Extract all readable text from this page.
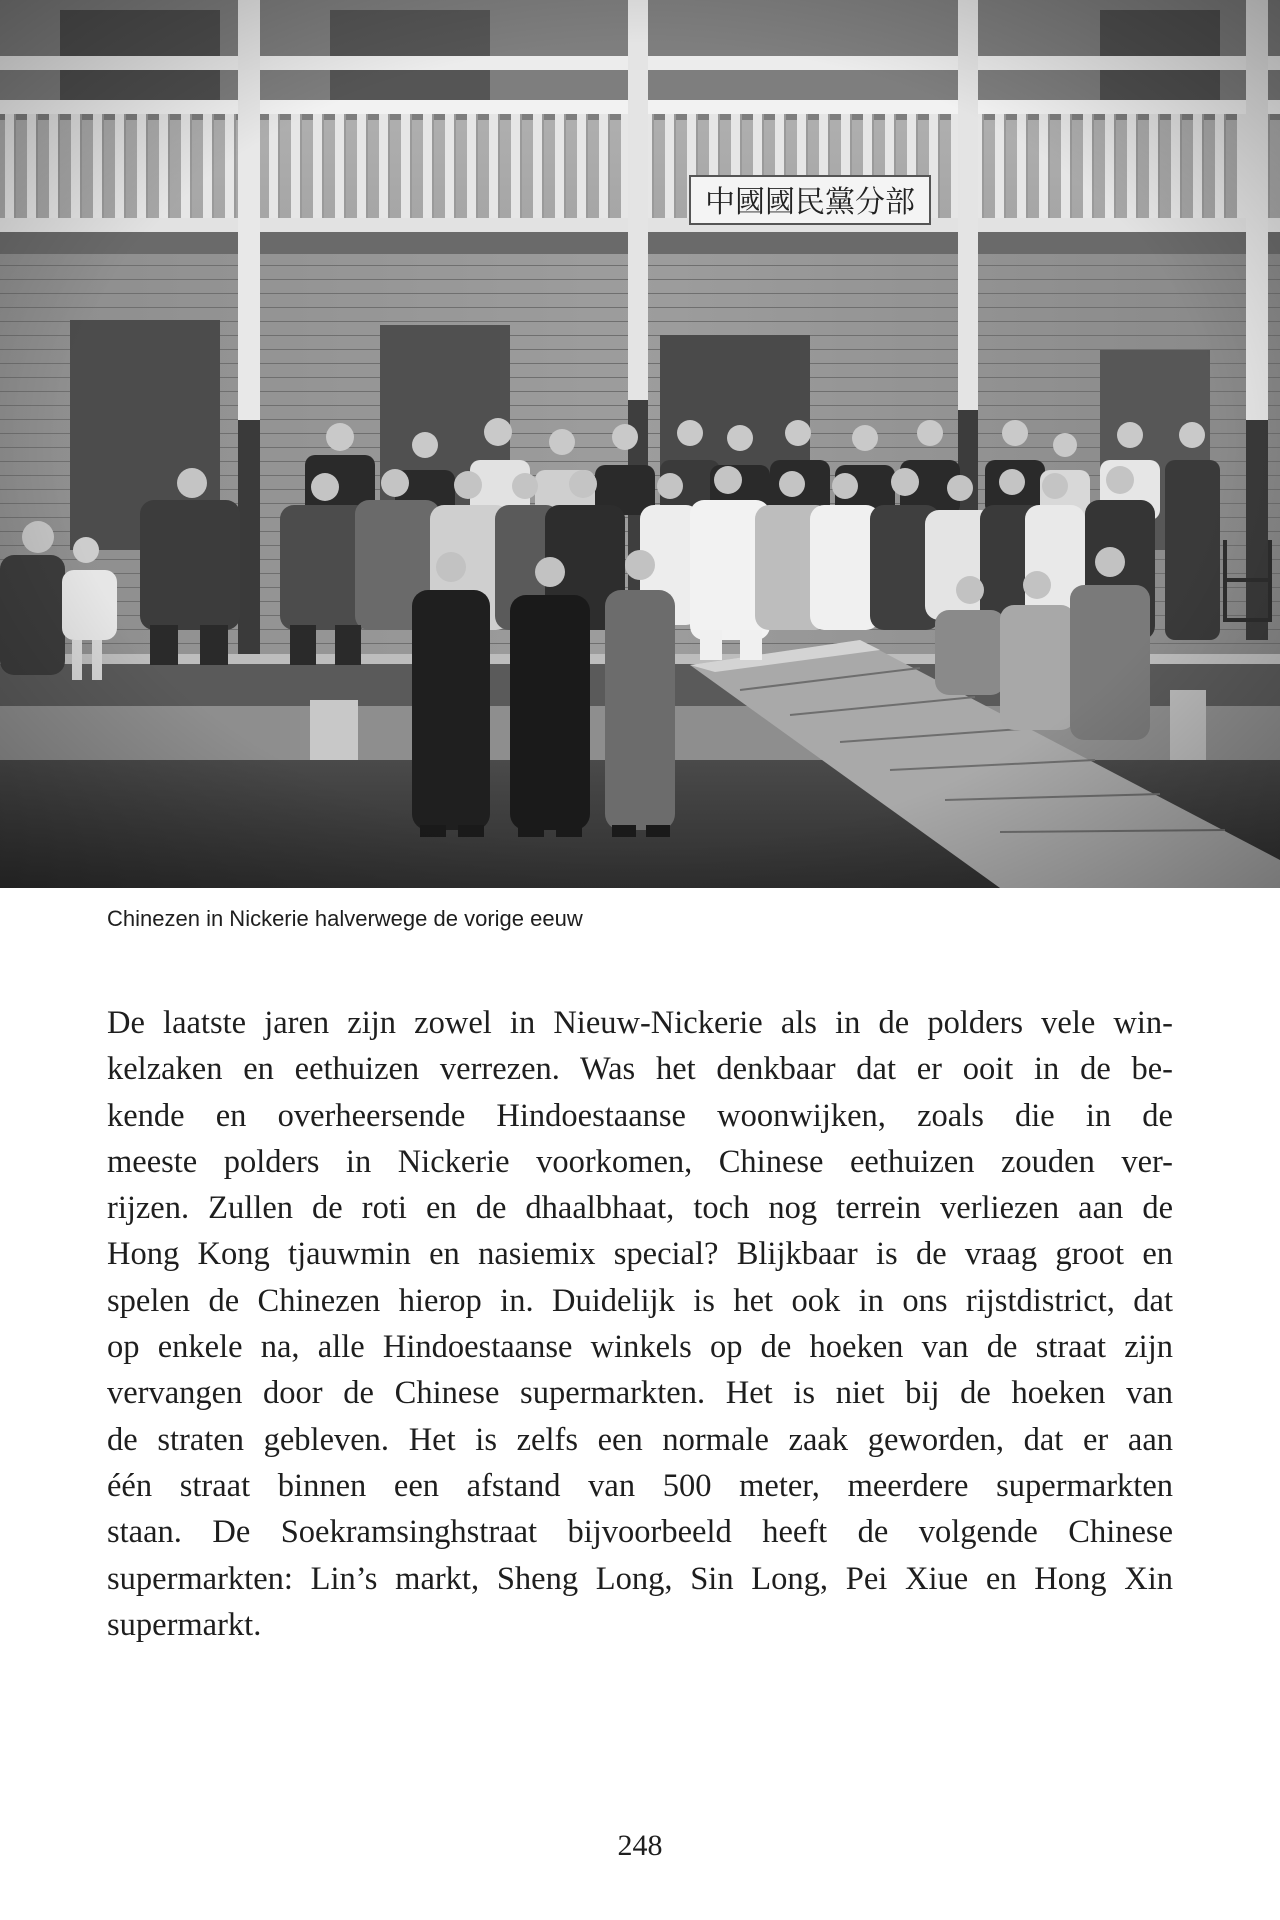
Chinezen in Nickerie halverwege de vorige eeuw
De laatste jaren zijn zowel in Nieuw-Nickerie als in de polders vele win-
kelzaken en eethuizen verrezen. Was het denkbaar dat er ooit in de be-
kende en overheersende Hindoestaanse woonwijken, zoals die in de
meeste polders in Nickerie voorkomen, Chinese eethuizen zouden ver-
rijzen. Zullen de roti en de dhaalbhaat, toch nog terrein verliezen aan de
Hong Kong tjauwmin en nasiemix special? Blijkbaar is de vraag groot en
spelen de Chinezen hierop in. Duidelijk is het ook in ons rijstdistrict, dat
op enkele na, alle Hindoestaanse winkels op de hoeken van de straat zijn
vervangen door de Chinese supermarkten. Het is niet bij de hoeken van
de straten gebleven. Het is zelfs een normale zaak geworden, dat er aan
één straat binnen een afstand van 500 meter, meerdere supermarkten
staan. De Soekramsinghstraat bijvoorbeeld heeft de volgende Chinese
supermarkten: Lin’s markt, Sheng Long, Sin Long, Pei Xiue en Hong Xin
supermarkt.
248
